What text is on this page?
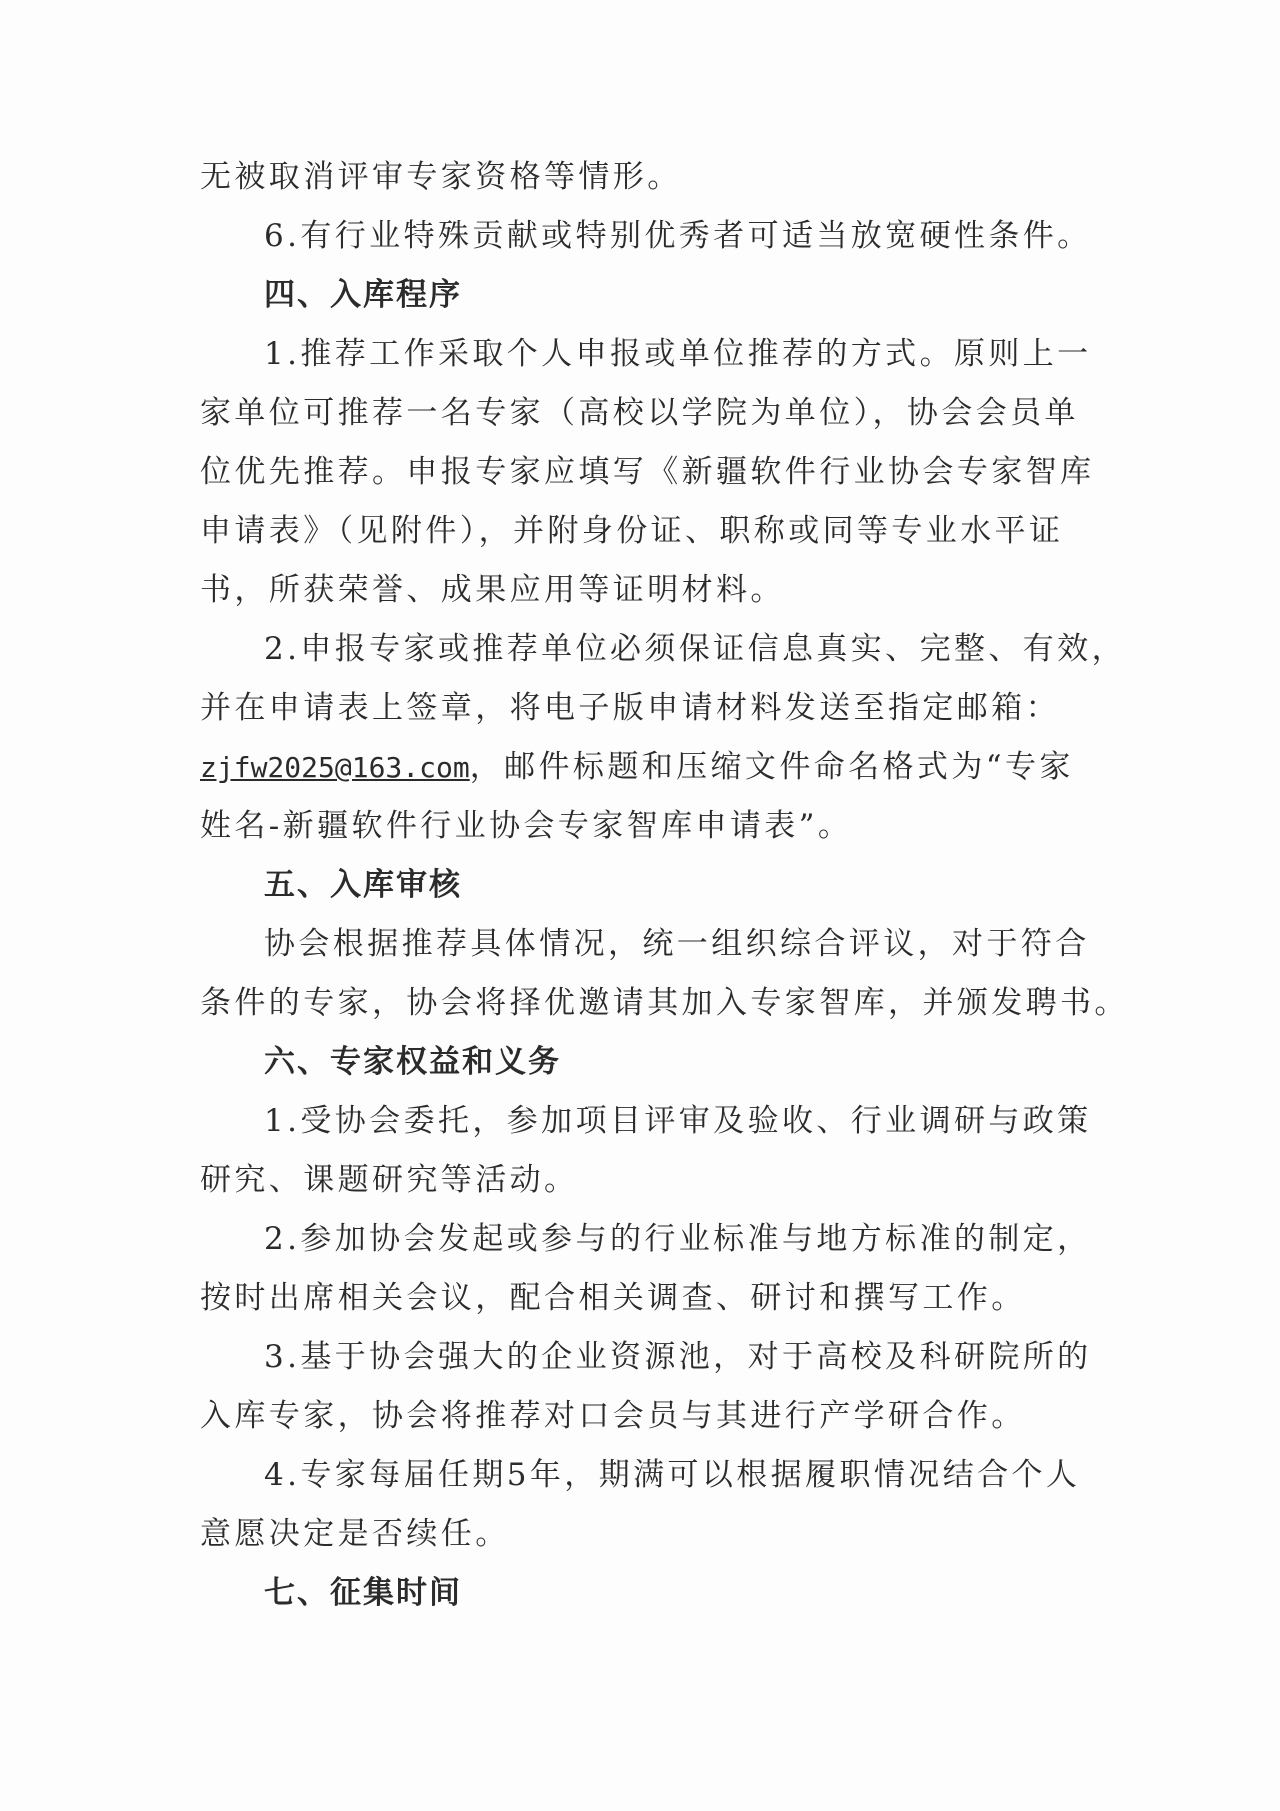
无被取消评审专家资格等情形。
6.有行业特殊贡献或特别优秀者可适当放宽硬性条件。
四、入库程序
1.推荐工作采取个人申报或单位推荐的方式。原则上一
家单位可推荐一名专家（高校以学院为单位），协会会员单
位优先推荐。申报专家应填写《新疆软件行业协会专家智库
申请表》（见附件），并附身份证、职称或同等专业水平证
书，所获荣誉、成果应用等证明材料。
2.申报专家或推荐单位必须保证信息真实、完整、有效，
并在申请表上签章，将电子版申请材料发送至指定邮箱：
zjfw2025@163.com，邮件标题和压缩文件命名格式为“专家
姓名-新疆软件行业协会专家智库申请表”。
五、入库审核
协会根据推荐具体情况，统一组织综合评议，对于符合
条件的专家，协会将择优邀请其加入专家智库，并颁发聘书。
六、专家权益和义务
1.受协会委托，参加项目评审及验收、行业调研与政策
研究、课题研究等活动。
2.参加协会发起或参与的行业标准与地方标准的制定，
按时出席相关会议，配合相关调查、研讨和撰写工作。
3.基于协会强大的企业资源池，对于高校及科研院所的
入库专家，协会将推荐对口会员与其进行产学研合作。
4.专家每届任期5年，期满可以根据履职情况结合个人
意愿决定是否续任。
七、征集时间
